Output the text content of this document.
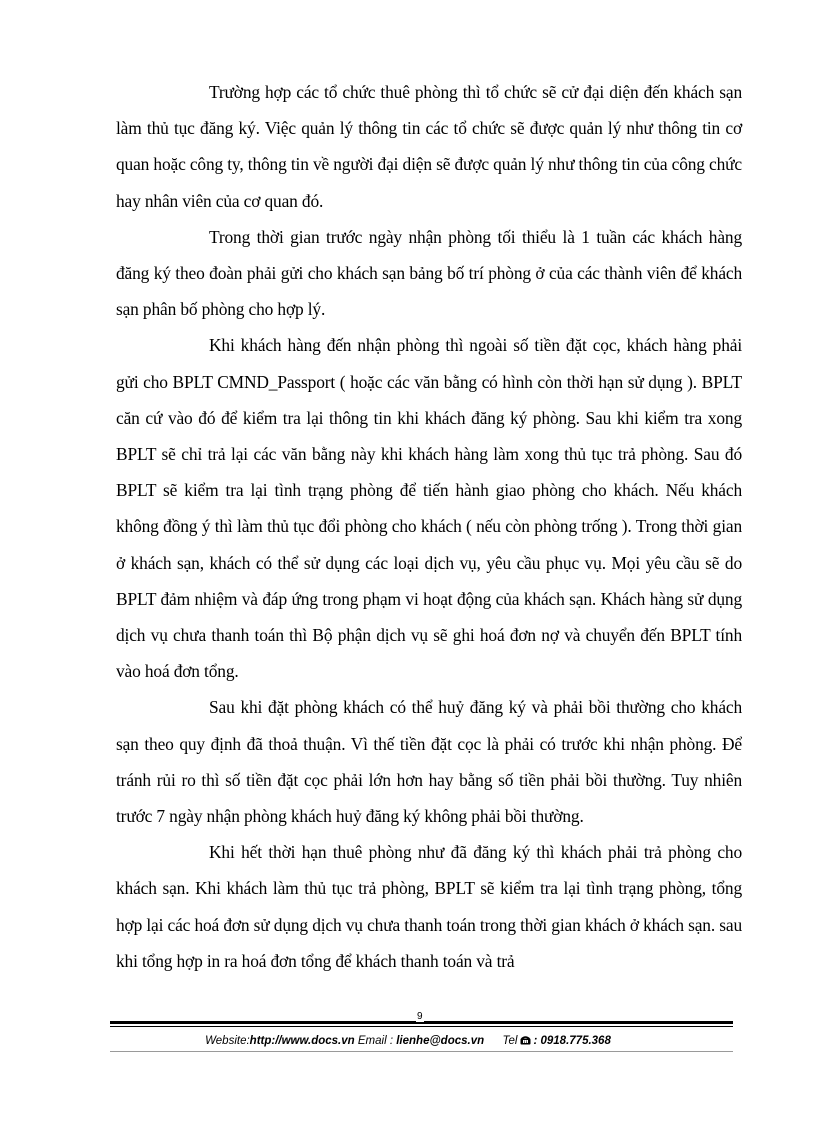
Trường hợp các tổ chức thuê phòng thì tổ chức sẽ cử đại diện đến khách sạn làm thủ tục đăng ký. Việc quản lý thông tin các tổ chức sẽ được quản lý như thông tin cơ quan hoặc công ty, thông tin về người đại diện sẽ được quản lý như thông tin của công chức hay nhân viên của cơ quan đó.

Trong thời gian trước ngày nhận phòng tối thiểu là 1 tuần các khách hàng đăng ký theo đoàn phải gửi cho khách sạn bảng bố trí phòng ở của các thành viên để khách sạn phân bố phòng cho hợp lý.

Khi khách hàng đến nhận phòng thì ngoài số tiền đặt cọc, khách hàng phải gửi cho BPLT CMND_Passport ( hoặc các văn bằng có hình còn thời hạn sử dụng ). BPLT căn cứ vào đó để kiểm tra lại thông tin khi khách đăng ký phòng. Sau khi kiểm tra xong BPLT sẽ chỉ trả lại các văn bằng này khi khách hàng làm xong thủ tục trả phòng. Sau đó BPLT sẽ kiểm tra lại tình trạng phòng để tiến hành giao phòng cho khách. Nếu khách không đồng ý thì làm thủ tục đổi phòng cho khách ( nếu còn phòng trống ). Trong thời gian ở khách sạn, khách có thể sử dụng các loại dịch vụ, yêu cầu phục vụ. Mọi yêu cầu sẽ do BPLT đảm nhiệm và đáp ứng trong phạm vi hoạt động của khách sạn. Khách hàng sử dụng dịch vụ chưa thanh toán thì Bộ phận dịch vụ sẽ ghi hoá đơn nợ và chuyển đến BPLT tính vào hoá đơn tổng.

Sau khi đặt phòng khách có thể huỷ đăng ký và phải bồi thường cho khách sạn theo quy định đã thoả thuận. Vì thế tiền đặt cọc là phải có trước khi nhận phòng. Để tránh rủi ro thì số tiền đặt cọc phải lớn hơn hay bằng số tiền phải bồi thường. Tuy nhiên trước 7 ngày nhận phòng khách huỷ đăng ký không phải bồi thường.

Khi hết thời hạn thuê phòng như đã đăng ký thì khách phải trả phòng cho khách sạn. Khi khách làm thủ tục trả phòng, BPLT sẽ kiểm tra lại tình trạng phòng, tổng hợp lại các hoá đơn sử dụng dịch vụ chưa thanh toán trong thời gian khách ở khách sạn. sau khi tổng hợp in ra hoá đơn tổng để khách thanh toán và trả

9
Website:http://www.docs.vn Email : lienhe@docs.vn Tel : 0918.775.368
